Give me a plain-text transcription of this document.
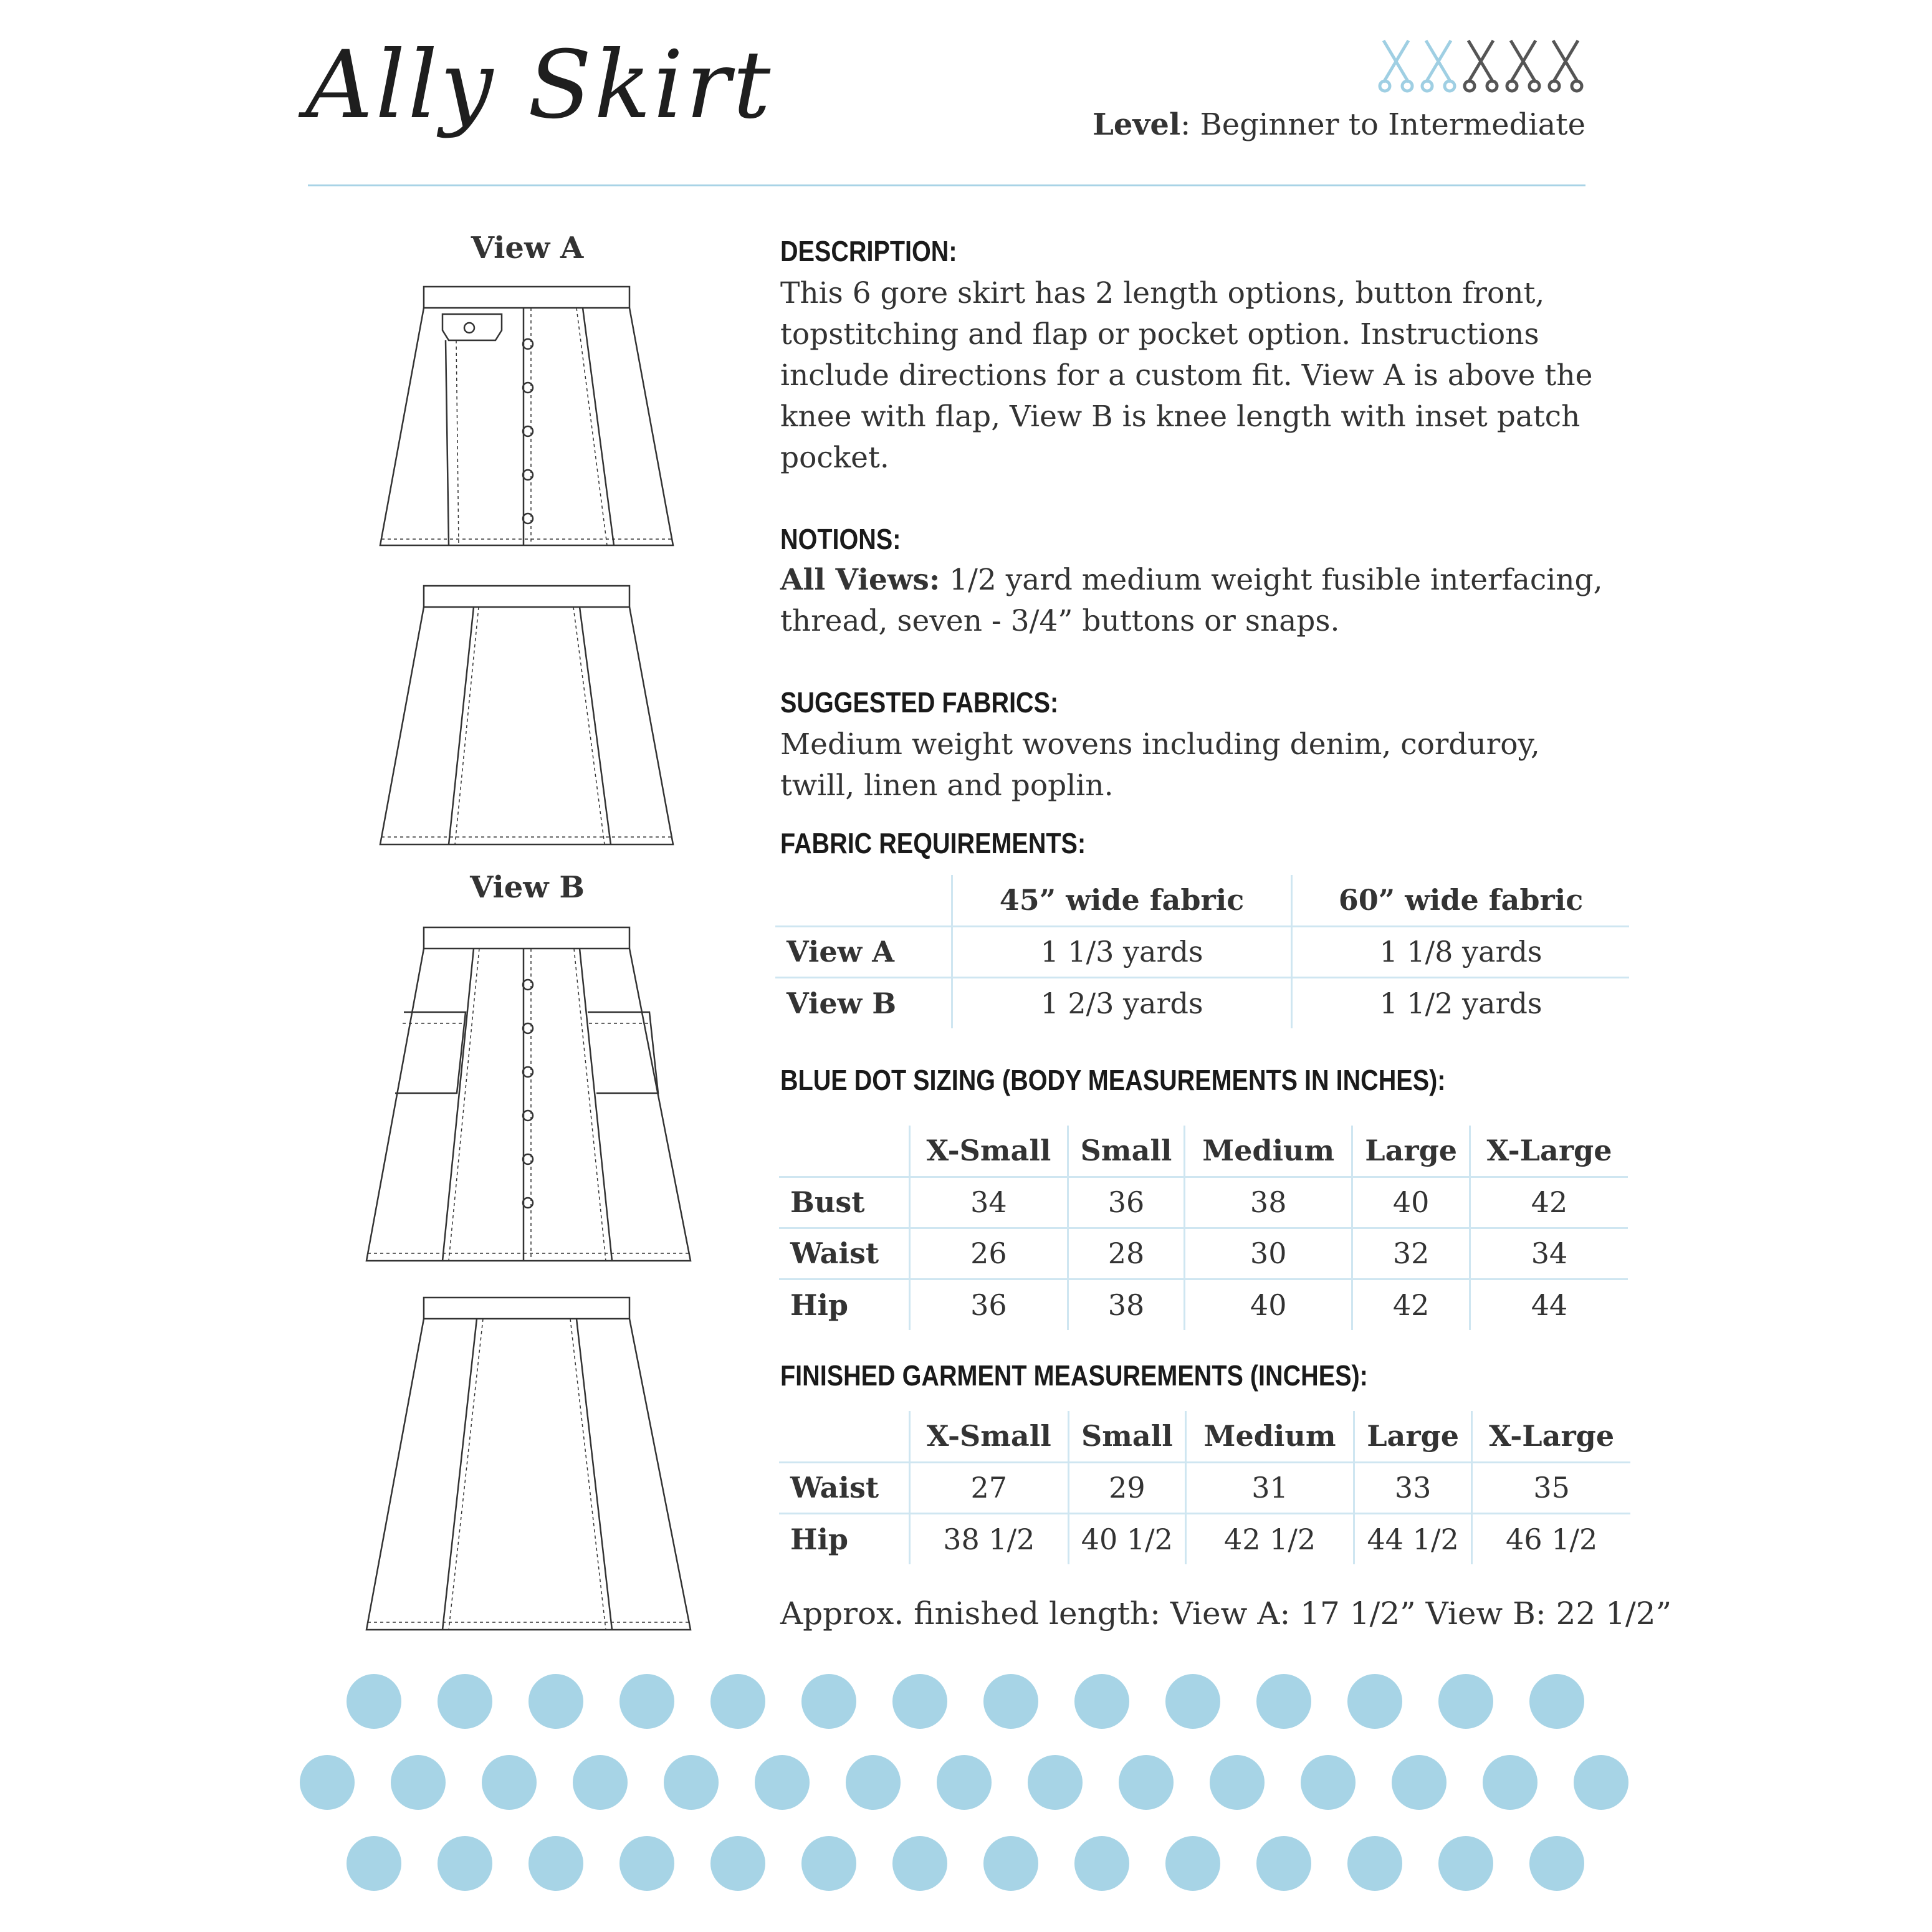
Ally Skirt	Level: Beginner to Intermediate
View A
View B
DESCRIPTION:
This 6 gore skirt has 2 length options, button front, topstitching and flap or pocket option. Instructions include directions for a custom fit. View A is above the knee with flap, View B is knee length with inset patch pocket.
NOTIONS:
All Views: 1/2 yard medium weight fusible interfacing, thread, seven - 3/4” buttons or snaps.
SUGGESTED FABRICS:
Medium weight wovens including denim, corduroy, twill, linen and poplin.
FABRIC REQUIREMENTS:
	45” wide fabric	60” wide fabric
View A	1 1/3 yards	1 1/8 yards
View B	1 2/3 yards	1 1/2 yards
BLUE DOT SIZING (BODY MEASUREMENTS IN INCHES):
	X-Small	Small	Medium	Large	X-Large
Bust	34	36	38	40	42
Waist	26	28	30	32	34
Hip	36	38	40	42	44
FINISHED GARMENT MEASUREMENTS (INCHES):
	X-Small	Small	Medium	Large	X-Large
Waist	27	29	31	33	35
Hip	38 1/2	40 1/2	42 1/2	44 1/2	46 1/2
Approx. finished length: View A: 17 1/2” View B: 22 1/2”
